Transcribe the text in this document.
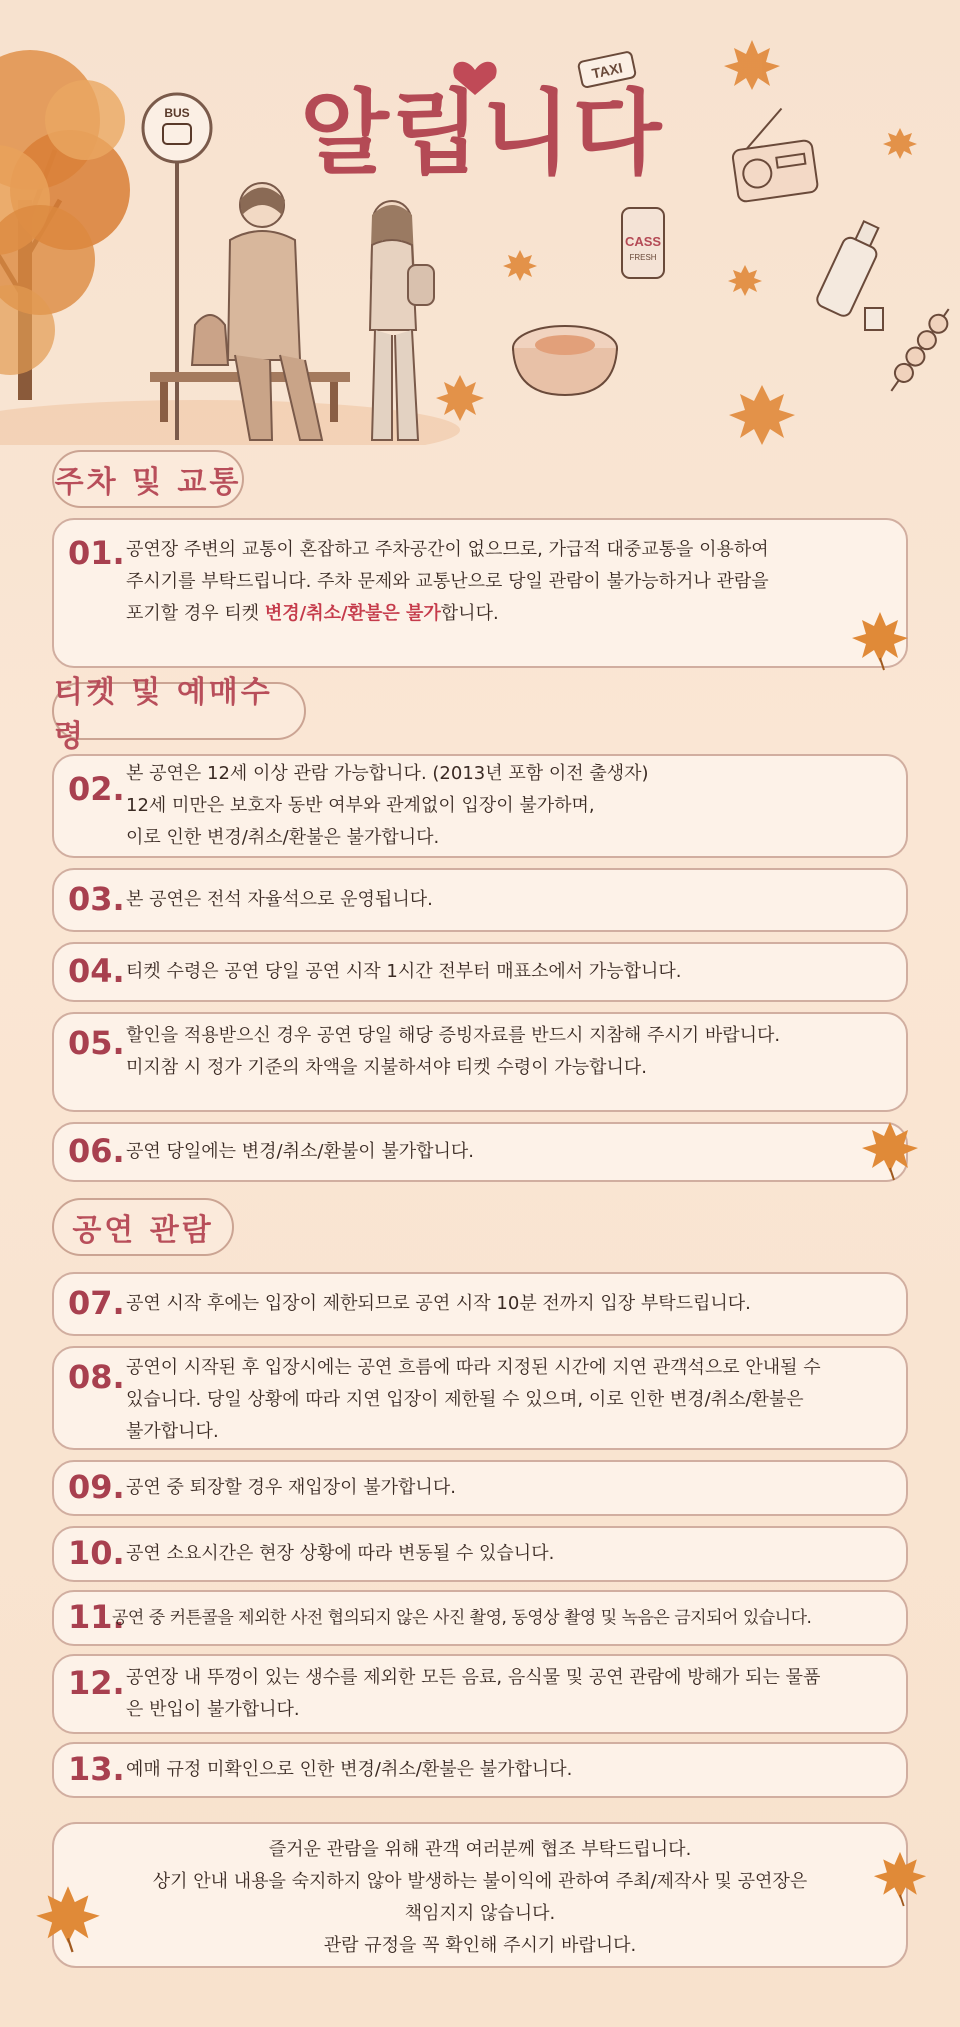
BUS
TAXI
CASS
FRESH
알립니다
주차 및 교통
01. 공연장 주변의 교통이 혼잡하고 주차공간이 없으므로, 가급적 대중교통을 이용하여
주시기를 부탁드립니다. 주차 문제와 교통난으로 당일 관람이 불가능하거나 관람을
포기할 경우 티켓 변경/취소/환불은 불가합니다.
티켓 및 예매수령
02. 본 공연은 12세 이상 관람 가능합니다. (2013년 포함 이전 출생자)
12세 미만은 보호자 동반 여부와 관계없이 입장이 불가하며,
이로 인한 변경/취소/환불은 불가합니다.
03. 본 공연은 전석 자율석으로 운영됩니다.
04. 티켓 수령은 공연 당일 공연 시작 1시간 전부터 매표소에서 가능합니다.
05. 할인을 적용받으신 경우 공연 당일 해당 증빙자료를 반드시 지참해 주시기 바랍니다.
미지참 시 정가 기준의 차액을 지불하셔야 티켓 수령이 가능합니다.
06. 공연 당일에는 변경/취소/환불이 불가합니다.
공연 관람
07. 공연 시작 후에는 입장이 제한되므로 공연 시작 10분 전까지 입장 부탁드립니다.
08. 공연이 시작된 후 입장시에는 공연 흐름에 따라 지정된 시간에 지연 관객석으로 안내될 수
있습니다. 당일 상황에 따라 지연 입장이 제한될 수 있으며, 이로 인한 변경/취소/환불은
불가합니다.
09. 공연 중 퇴장할 경우 재입장이 불가합니다.
10. 공연 소요시간은 현장 상황에 따라 변동될 수 있습니다.
11.
공연 중 커튼콜을 제외한 사전 협의되지 않은 사진 촬영, 동영상 촬영 및 녹음은 금지되어 있습니다.
12. 공연장 내 뚜껑이 있는 생수를 제외한 모든 음료, 음식물 및 공연 관람에 방해가 되는 물품
은 반입이 불가합니다.
13. 예매 규정 미확인으로 인한 변경/취소/환불은 불가합니다.
즐거운 관람을 위해 관객 여러분께 협조 부탁드립니다.
상기 안내 내용을 숙지하지 않아 발생하는 불이익에 관하여 주최/제작사 및 공연장은
책임지지 않습니다.
관람 규정을 꼭 확인해 주시기 바랍니다.
